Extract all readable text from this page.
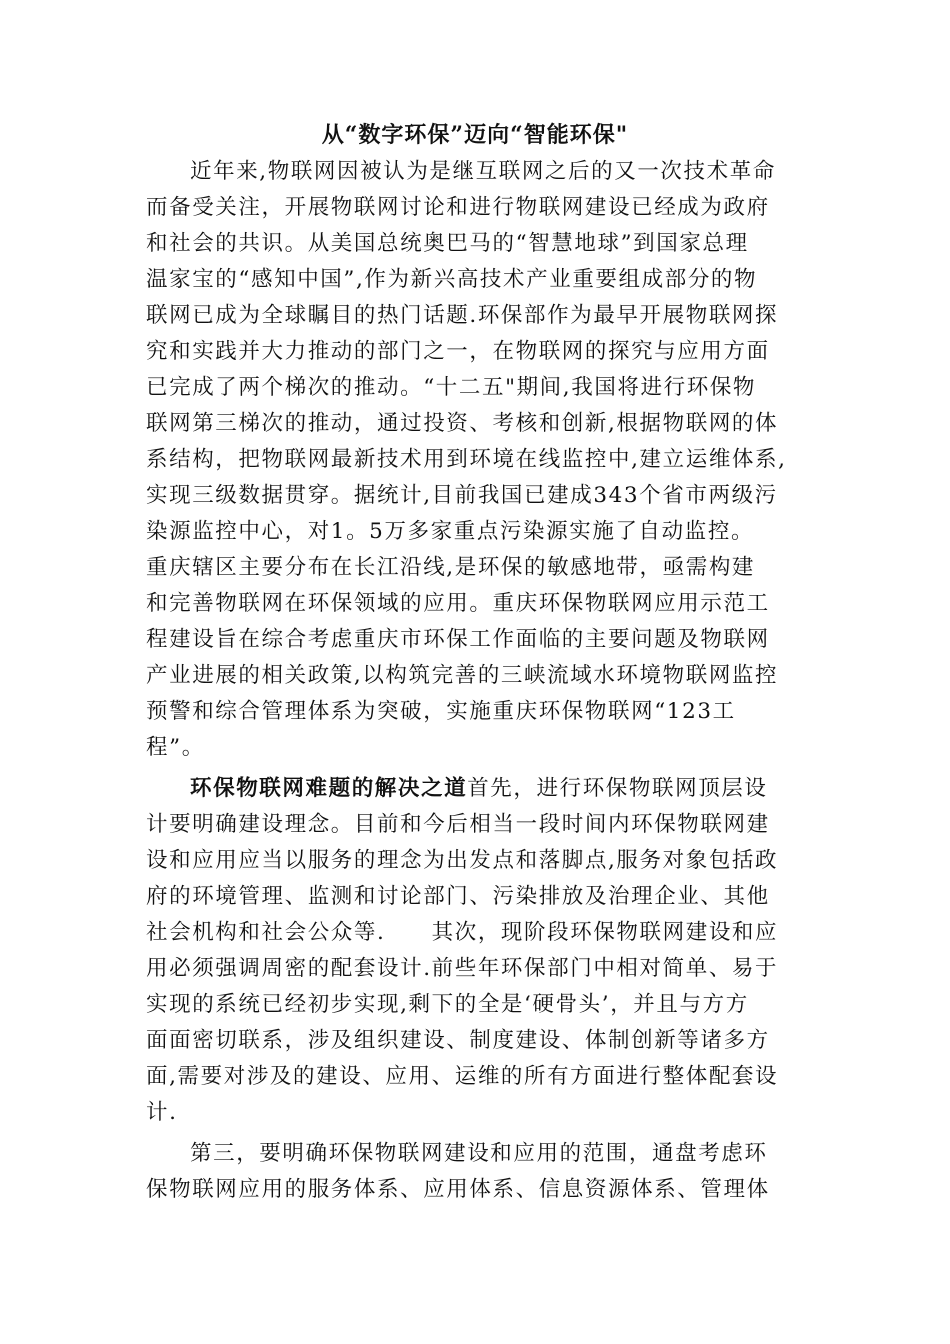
从“数字环保”迈向“智能环保"
近年来,物联网因被认为是继互联网之后的又一次技术革命
而备受关注，开展物联网讨论和进行物联网建设已经成为政府
和社会的共识。从美国总统奥巴马的“智慧地球”到国家总理
温家宝的“感知中国”,作为新兴高技术产业重要组成部分的物
联网已成为全球瞩目的热门话题.环保部作为最早开展物联网探
究和实践并大力推动的部门之一，在物联网的探究与应用方面
已完成了两个梯次的推动。“十二五"期间,我国将进行环保物
联网第三梯次的推动，通过投资、考核和创新,根据物联网的体
系结构，把物联网最新技术用到环境在线监控中,建立运维体系,
实现三级数据贯穿。据统计,目前我国已建成343个省市两级污
染源监控中心，对1。5万多家重点污染源实施了自动监控。
重庆辖区主要分布在长江沿线,是环保的敏感地带，亟需构建
和完善物联网在环保领域的应用。重庆环保物联网应用示范工
程建设旨在综合考虑重庆市环保工作面临的主要问题及物联网
产业进展的相关政策,以构筑完善的三峡流域水环境物联网监控
预警和综合管理体系为突破，实施重庆环保物联网“123工
程”。
环保物联网难题的解决之道首先，进行环保物联网顶层设
计要明确建设理念。目前和今后相当一段时间内环保物联网建
设和应用应当以服务的理念为出发点和落脚点,服务对象包括政
府的环境管理、监测和讨论部门、污染排放及治理企业、其他
社会机构和社会公众等.　　其次，现阶段环保物联网建设和应
用必须强调周密的配套设计.前些年环保部门中相对简单、易于
实现的系统已经初步实现,剩下的全是‘硬骨头’，并且与方方
面面密切联系，涉及组织建设、制度建设、体制创新等诸多方
面,需要对涉及的建设、应用、运维的所有方面进行整体配套设
计.
第三，要明确环保物联网建设和应用的范围，通盘考虑环
保物联网应用的服务体系、应用体系、信息资源体系、管理体
